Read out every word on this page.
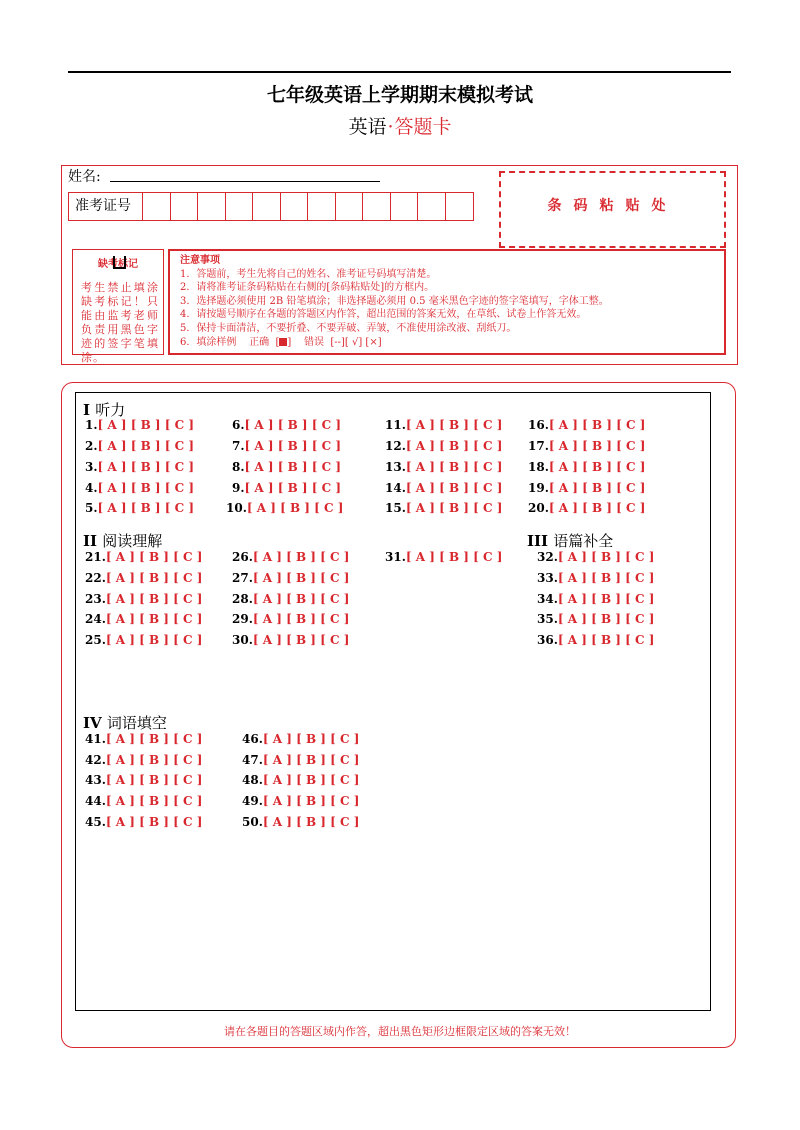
七年级英语上学期期末模拟考试
英语·答题卡
姓名:
准考证号	条码粘贴处
缺考标记
考生禁止填涂缺考标记！只能由监考老师负责用黑色字迹的签字笔填涂。
注意事项
1．答题前，考生先将自己的姓名、准考证号码填写清楚。
2．请将准考证条码粘贴在右侧的[条码粘贴处]的方框内。
3．选择题必须使用 2B 铅笔填涂；非选择题必须用 0.5 毫米黑色字迹的签字笔填写，字体工整。
4．请按题号顺序在各题的答题区内作答，超出范围的答案无效，在草纸、试卷上作答无效。
5．保持卡面清洁，不要折叠、不要弄破、弄皱，不准使用涂改液、刮纸刀。
6．填涂样例 正确 [ ] 错误 [--][ √] [×]
I 听力
II 阅读理解	III 语篇补全
IV 词语填空
1.[ A ] [ B ] [ C ]
2.[ A ] [ B ] [ C ]
3.[ A ] [ B ] [ C ]
4.[ A ] [ B ] [ C ]
5.[ A ] [ B ] [ C ]
6.[ A ] [ B ] [ C ]
7.[ A ] [ B ] [ C ]
8.[ A ] [ B ] [ C ]
9.[ A ] [ B ] [ C ]
10.[ A ] [ B ] [ C ]
11.[ A ] [ B ] [ C ]
12.[ A ] [ B ] [ C ]
13.[ A ] [ B ] [ C ]
14.[ A ] [ B ] [ C ]
15.[ A ] [ B ] [ C ]
16.[ A ] [ B ] [ C ]
17.[ A ] [ B ] [ C ]
18.[ A ] [ B ] [ C ]
19.[ A ] [ B ] [ C ]
20.[ A ] [ B ] [ C ]
21.[ A ] [ B ] [ C ]
22.[ A ] [ B ] [ C ]
23.[ A ] [ B ] [ C ]
24.[ A ] [ B ] [ C ]
25.[ A ] [ B ] [ C ]
26.[ A ] [ B ] [ C ]
27.[ A ] [ B ] [ C ]
28.[ A ] [ B ] [ C ]
29.[ A ] [ B ] [ C ]
30.[ A ] [ B ] [ C ]
31.[ A ] [ B ] [ C ]	32.[ A ] [ B ] [ C ]
33.[ A ] [ B ] [ C ]
34.[ A ] [ B ] [ C ]
35.[ A ] [ B ] [ C ]
36.[ A ] [ B ] [ C ]
41.[ A ] [ B ] [ C ]
42.[ A ] [ B ] [ C ]
43.[ A ] [ B ] [ C ]
44.[ A ] [ B ] [ C ]
45.[ A ] [ B ] [ C ]
46.[ A ] [ B ] [ C ]
47.[ A ] [ B ] [ C ]
48.[ A ] [ B ] [ C ]
49.[ A ] [ B ] [ C ]
50.[ A ] [ B ] [ C ]
请在各题目的答题区域内作答，超出黑色矩形边框限定区域的答案无效！
